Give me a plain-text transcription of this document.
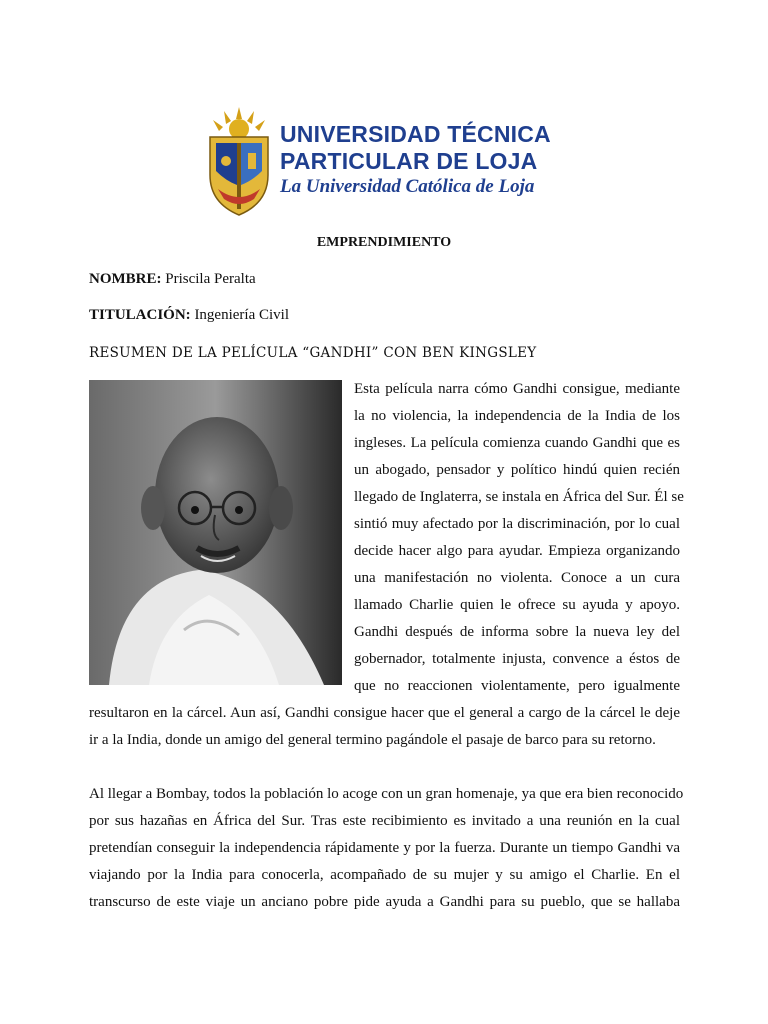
UNIVERSIDAD TÉCNICA
PARTICULAR DE LOJA
La Universidad Católica de Loja
EMPRENDIMIENTO
NOMBRE: Priscila Peralta
TITULACIÓN: Ingeniería Civil
RESUMEN DE LA PELÍCULA “GANDHI” CON BEN KINGSLEY
Esta película narra cómo Gandhi consigue, mediante
la no violencia, la independencia de la India de los
ingleses. La película comienza cuando Gandhi que es
un abogado, pensador y político hindú quien recién
llegado de Inglaterra, se instala en África del Sur. Él se
sintió muy afectado por la discriminación, por lo cual
decide hacer algo para ayudar. Empieza organizando
una manifestación no violenta. Conoce a un cura
llamado Charlie quien le ofrece su ayuda y apoyo.
Gandhi después de informa sobre la nueva ley del
gobernador, totalmente injusta, convence a éstos de
que no reaccionen violentamente, pero igualmente
resultaron en la cárcel. Aun así, Gandhi consigue hacer que el general a cargo de la cárcel le deje
ir a la India, donde un amigo del general termino pagándole el pasaje de barco para su retorno.
Al llegar a Bombay, todos la población lo acoge con un gran homenaje, ya que era bien reconocido
por sus hazañas en África del Sur. Tras este recibimiento es invitado a una reunión en la cual
pretendían conseguir la independencia rápidamente y por la fuerza. Durante un tiempo Gandhi va
viajando por la India para conocerla, acompañado de su mujer y su amigo el Charlie. En el
transcurso de este viaje un anciano pobre pide ayuda a Gandhi para su pueblo, que se hallaba
